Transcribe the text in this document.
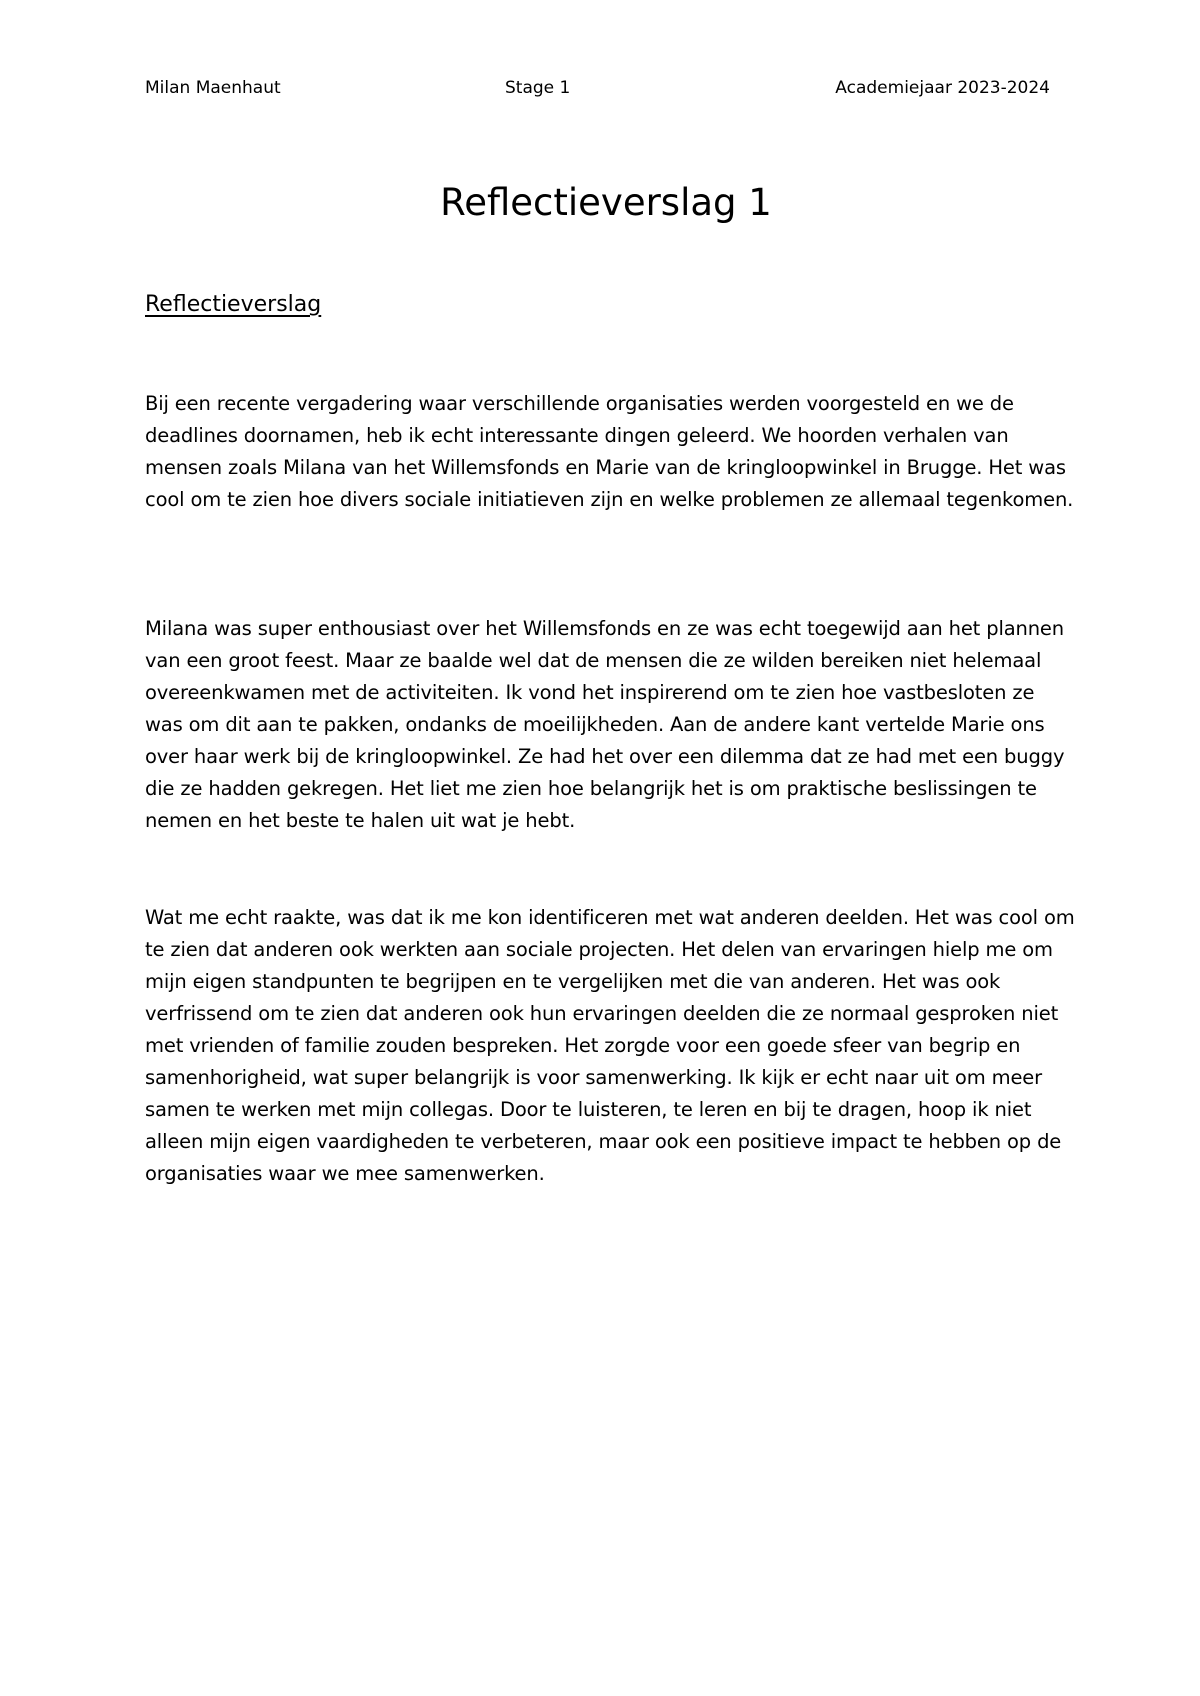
Milan Maenhaut	Stage 1	Academiejaar 2023-2024
Reflectieverslag 1
Reflectieverslag

Bij een recente vergadering waar verschillende organisaties werden voorgesteld en we de deadlines doornamen, heb ik echt interessante dingen geleerd. We hoorden verhalen van mensen zoals Milana van het Willemsfonds en Marie van de kringloopwinkel in Brugge. Het was cool om te zien hoe divers sociale initiatieven zijn en welke problemen ze allemaal tegenkomen.

Milana was super enthousiast over het Willemsfonds en ze was echt toegewijd aan het plannen van een groot feest. Maar ze baalde wel dat de mensen die ze wilden bereiken niet helemaal overeenkwamen met de activiteiten. Ik vond het inspirerend om te zien hoe vastbesloten ze was om dit aan te pakken, ondanks de moeilijkheden. Aan de andere kant vertelde Marie ons over haar werk bij de kringloopwinkel. Ze had het over een dilemma dat ze had met een buggy die ze hadden gekregen. Het liet me zien hoe belangrijk het is om praktische beslissingen te nemen en het beste te halen uit wat je hebt.

Wat me echt raakte, was dat ik me kon identificeren met wat anderen deelden. Het was cool om te zien dat anderen ook werkten aan sociale projecten. Het delen van ervaringen hielp me om mijn eigen standpunten te begrijpen en te vergelijken met die van anderen. Het was ook verfrissend om te zien dat anderen ook hun ervaringen deelden die ze normaal gesproken niet met vrienden of familie zouden bespreken. Het zorgde voor een goede sfeer van begrip en samenhorigheid, wat super belangrijk is voor samenwerking. Ik kijk er echt naar uit om meer samen te werken met mijn collegas. Door te luisteren, te leren en bij te dragen, hoop ik niet alleen mijn eigen vaardigheden te verbeteren, maar ook een positieve impact te hebben op de organisaties waar we mee samenwerken.
